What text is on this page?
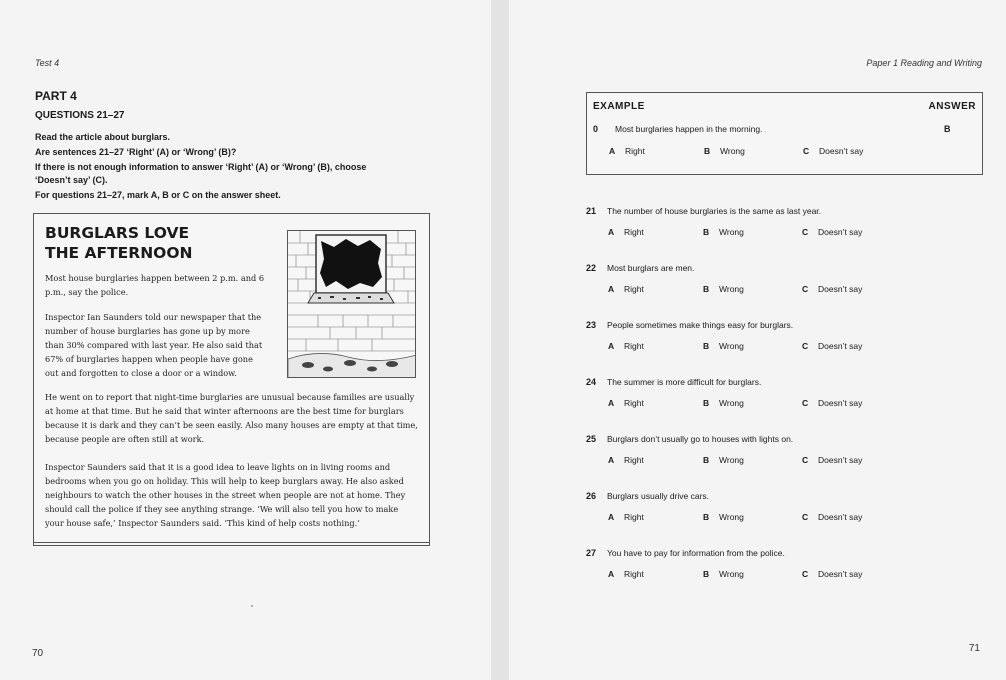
Test 4
PART 4
QUESTIONS 21–27
Read the article about burglars.
Are sentences 21–27 ‘Right’ (A) or ‘Wrong’ (B)?
If there is not enough information to answer ‘Right’ (A) or ‘Wrong’ (B), choose
‘Doesn’t say’ (C).
For questions 21–27, mark A, B or C on the answer sheet.
BURGLARS LOVE
THE AFTERNOON
Most house burglaries happen between 2 p.m. and 6 p.m., say the police.
Inspector Ian Saunders told our newspaper that the number of house burglaries has gone up by more than 30% compared with last year. He also said that 67% of burglaries happen when people have gone out and forgotten to close a door or a window.
He went on to report that night-time burglaries are unusual because families are usually at home at that time. But he said that winter afternoons are the best time for burglars because it is dark and they can’t be seen easily. Also many houses are empty at that time, because people are often still at work.
Inspector Saunders said that it is a good idea to leave lights on in living rooms and bedrooms when you go on holiday. This will help to keep burglars away. He also asked neighbours to watch the other houses in the street when people are not at home. They should call the police if they see anything strange. ‘We will also tell you how to make your house safe,’ Inspector Saunders said. ‘This kind of help costs nothing.’
70
Paper 1 Reading and Writing
EXAMPLE	ANSWER
0 Most burglaries happen in the morning.	B
A Right	B Wrong	C Doesn’t say
21 The number of house burglaries is the same as last year.
A Right	B Wrong	C Doesn’t say
22 Most burglars are men.
A Right	B Wrong	C Doesn’t say
23 People sometimes make things easy for burglars.
A Right	B Wrong	C Doesn’t say
24 The summer is more difficult for burglars.
A Right	B Wrong	C Doesn’t say
25 Burglars don’t usually go to houses with lights on.
A Right	B Wrong	C Doesn’t say
26 Burglars usually drive cars.
A Right	B Wrong	C Doesn’t say
27 You have to pay for information from the police.
A Right	B Wrong	C Doesn’t say
71
